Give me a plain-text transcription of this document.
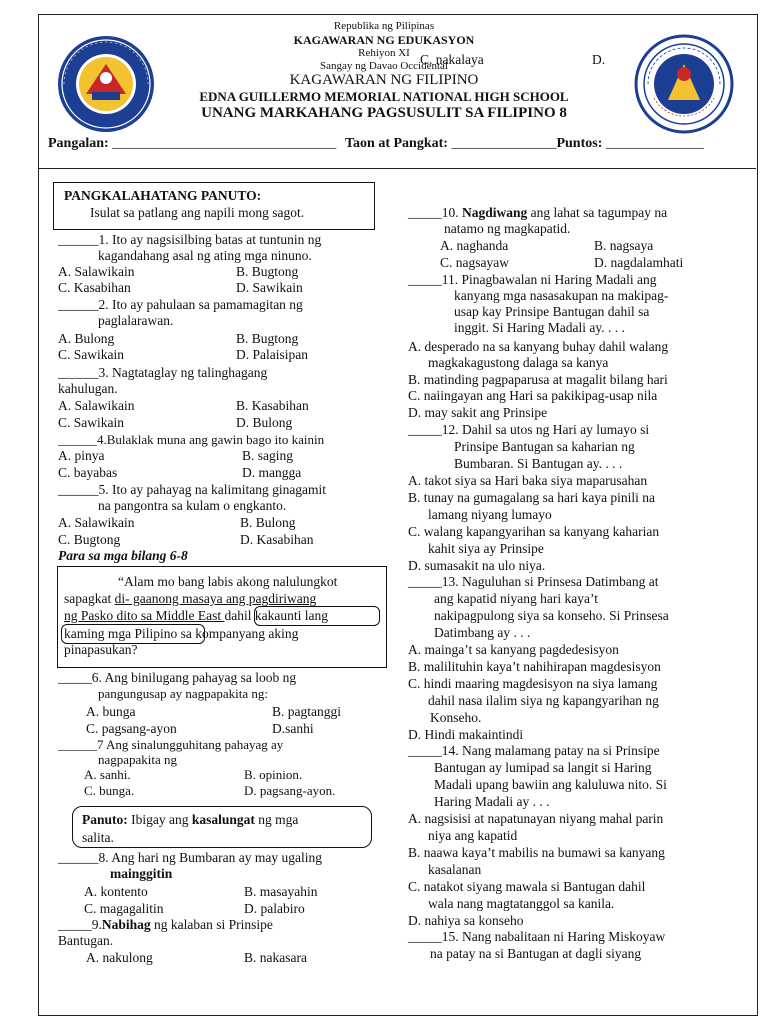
Republika ng Pilipinas
KAGAWARAN NG EDUKASYON
Rehiyon XI C. nakalaya	D.
Sangay ng Davao Occidental
KAGAWARAN NG FILIPINO
EDNA GUILLERMO MEMORIAL NATIONAL HIGH SCHOOL
UNANG MARKAHANG PAGSUSULIT SA FILIPINO 8
Pangalan: ________________________________ Taon at Pangkat: _______________Puntos: ______________
PANGKALAHATANG PANUTO:
Isulat sa patlang ang napili mong sagot.
______1. Ito ay nagsisilbing batas at tuntunin ng
kagandahang asal ng ating mga ninuno.
A. Salawikain	B. Bugtong
C. Kasabihan	D. Sawikain
______2. Ito ay pahulaan sa pamamagitan ng
paglalarawan.
A. Bulong	B. Bugtong
C. Sawikain	D. Palaisipan
______3. Nagtataglay ng talinghagang
kahulugan.
A. Salawikain	B. Kasabihan
C. Sawikain	D. Bulong
______4.Bulaklak muna ang gawin bago ito kainin
A. pinya	B. saging
C. bayabas	D. mangga
______5. Ito ay pahayag na kalimitang ginagamit
na pangontra sa kulam o engkanto.
A. Salawikain	B. Bulong
C. Bugtong	D. Kasabihan
Para sa mga bilang 6-8
“Alam mo bang labis akong nalulungkot
sapagkat di- gaanong masaya ang pagdiriwang
ng Pasko dito sa Middle East dahil kakaunti lang
kaming mga Pilipino sa kompanyang aking
pinapasukan?
_____6. Ang binilugang pahayag sa loob ng
pangungusap ay nagpapakita ng:
A. bunga	B. pagtanggi
C. pagsang-ayon	D.sanhi
______7 Ang sinalungguhitang pahayag ay
nagpapakita ng
A. sanhi.	B. opinion.
C. bunga.	D. pagsang-ayon.
Panuto: Ibigay ang kasalungat ng mga
salita.
______8. Ang hari ng Bumbaran ay may ugaling
mainggitin
A. kontento	B. masayahin
C. magagalitin	D. palabiro
_____9.Nabihag ng kalaban si Prinsipe
Bantugan.
A. nakulong	B. nakasara
_____10. Nagdiwang ang lahat sa tagumpay na
natamo ng magkapatid.
A. naghanda	B. nagsaya
C. nagsayaw	D. nagdalamhati
_____11. Pinagbawalan ni Haring Madali ang
kanyang mga nasasakupan na makipag-
usap kay Prinsipe Bantugan dahil sa
inggit. Si Haring Madali ay. . . .
A. desperado na sa kanyang buhay dahil walang
magkakagustong dalaga sa kanya
B. matinding pagpaparusa at magalit bilang hari
C. naiingayan ang Hari sa pakikipag-usap nila
D. may sakit ang Prinsipe
_____12. Dahil sa utos ng Hari ay lumayo si
Prinsipe Bantugan sa kaharian ng
Bumbaran. Si Bantugan ay. . . .
A. takot siya sa Hari baka siya maparusahan
B. tunay na gumagalang sa hari kaya pinili na
lamang niyang lumayo
C. walang kapangyarihan sa kanyang kaharian
kahit siya ay Prinsipe
D. sumasakit na ulo niya.
_____13. Naguluhan si Prinsesa Datimbang at
ang kapatid niyang hari kaya’t
nakipagpulong siya sa konseho. Si Prinsesa
Datimbang ay . . .
A. mainga’t sa kanyang pagdedesisyon
B. malilituhin kaya’t nahihirapan magdesisyon
C. hindi maaring magdesisyon na siya lamang
dahil nasa ilalim siya ng kapangyarihan ng
Konseho.
D. Hindi makaintindi
_____14. Nang malamang patay na si Prinsipe
Bantugan ay lumipad sa langit si Haring
Madali upang bawiin ang kaluluwa nito. Si
Haring Madali ay . . .
A. nagsisisi at napatunayan niyang mahal parin
niya ang kapatid
B. naawa kaya’t mabilis na bumawi sa kanyang
kasalanan
C. natakot siyang mawala si Bantugan dahil
wala nang magtatanggol sa kanila.
D. nahiya sa konseho
_____15. Nang nabalitaan ni Haring Miskoyaw
na patay na si Bantugan at dagli siyang
